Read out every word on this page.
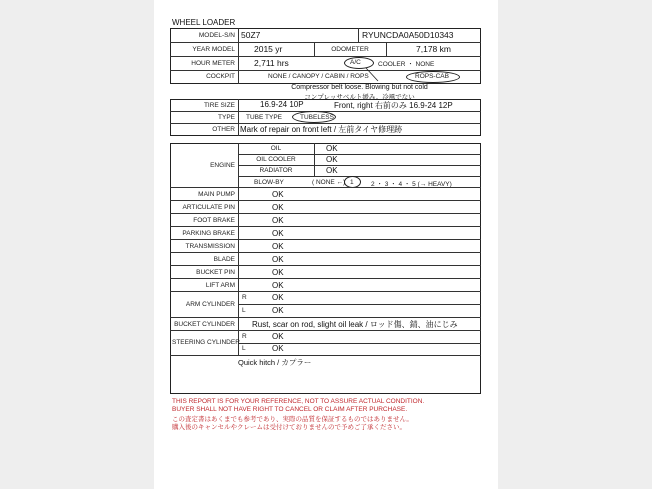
WHEEL LOADER
MODEL-S/N 50Z7	RYUNCDA0A50D10343
YEAR MODEL 2015 yr	ODOMETER	7,178 km
HOUR METER 2,711 hrs	A/C	COOLER ・ NONE
COCKPIT	NONE / CANOPY / CABIN / ROPS	ROPS-CAB
Compressor belt loose. Blowing but not cold
コンプレッサベルト緩み。冷風でない
TIRE SIZE	16.9-24 10P	Front, right 右前のみ 16.9-24 12P
TYPE TUBE TYPE	TUBELESS
OTHER Mark of repair on front left / 左前タイヤ修理跡
ENGINE
OIL	OK
OIL COOLER	OK
RADIATOR	OK
BLOW-BY	( NONE ←) 1	2 ・ 3 ・ 4 ・ 5 (→ HEAVY)
MAIN PUMP	OK
ARTICULATE PIN	OK
FOOT BRAKE	OK
PARKING BRAKE	OK
TRANSMISSION	OK
BLADE	OK
BUCKET PIN	OK
LIFT ARM	OK
ARM CYLINDER
R	OK
L	OK
BUCKET CYLINDER Rust, scar on rod, slight oil leak / ロッド傷、錆、油にじみ
STEERING CYLINDER
R	OK
L	OK
Quick hitch / カプラー
THIS REPORT IS FOR YOUR REFERENCE, NOT TO ASSURE ACTUAL CONDITION.
BUYER SHALL NOT HAVE RIGHT TO CANCEL OR CLAIM AFTER PURCHASE.
この査定書はあくまでも参考であり、実際の品質を保証するものではありません。
購入後のキャンセルやクレームは受付けておりませんので予めご了承ください。
